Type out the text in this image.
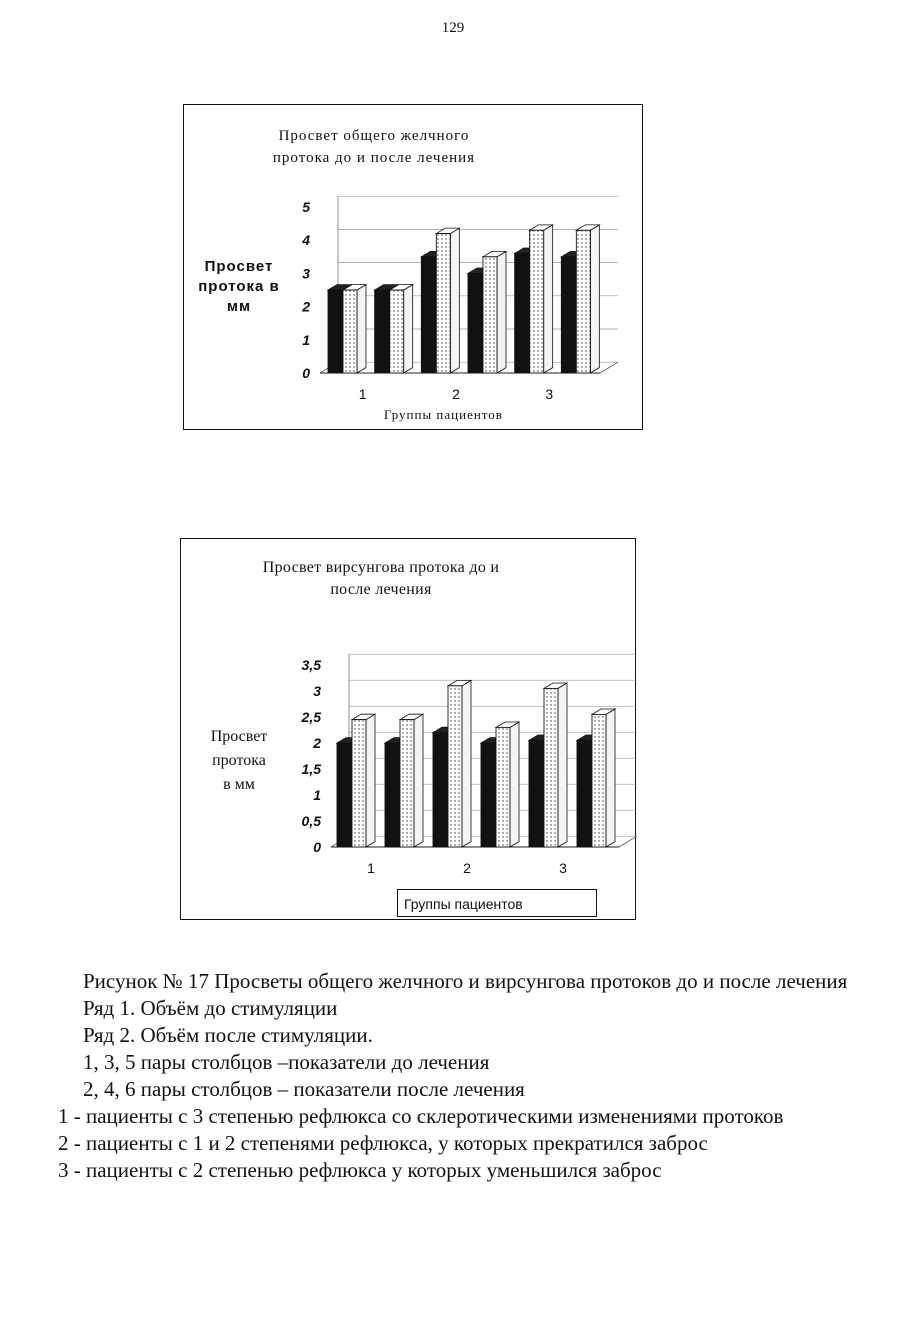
129
Просвет общего желчного
протока до и после лечения
Просвет
протока в
мм
0
1
2
3
4
5
1	2	3
Группы пациентов
Просвет вирсунгова протока до и
после лечения
Просвет
протока
в мм
0
0,5
1
1,5
2
2,5
3
3,5
1	2	3
Группы пациентов

Рисунок № 17 Просветы общего желчного и вирсунгова протоков до и после лечения

Ряд 1. Объём до стимуляции

Ряд 2. Объём после стимуляции.

1, 3, 5 пары столбцов –показатели до лечения

2, 4, 6 пары столбцов – показатели после лечения

1 - пациенты с 3 степенью рефлюкса со склеротическими изменениями протоков

2 - пациенты с 1 и 2 степенями рефлюкса, у которых прекратился заброс

3 - пациенты с 2 степенью рефлюкса у которых уменьшился заброс
